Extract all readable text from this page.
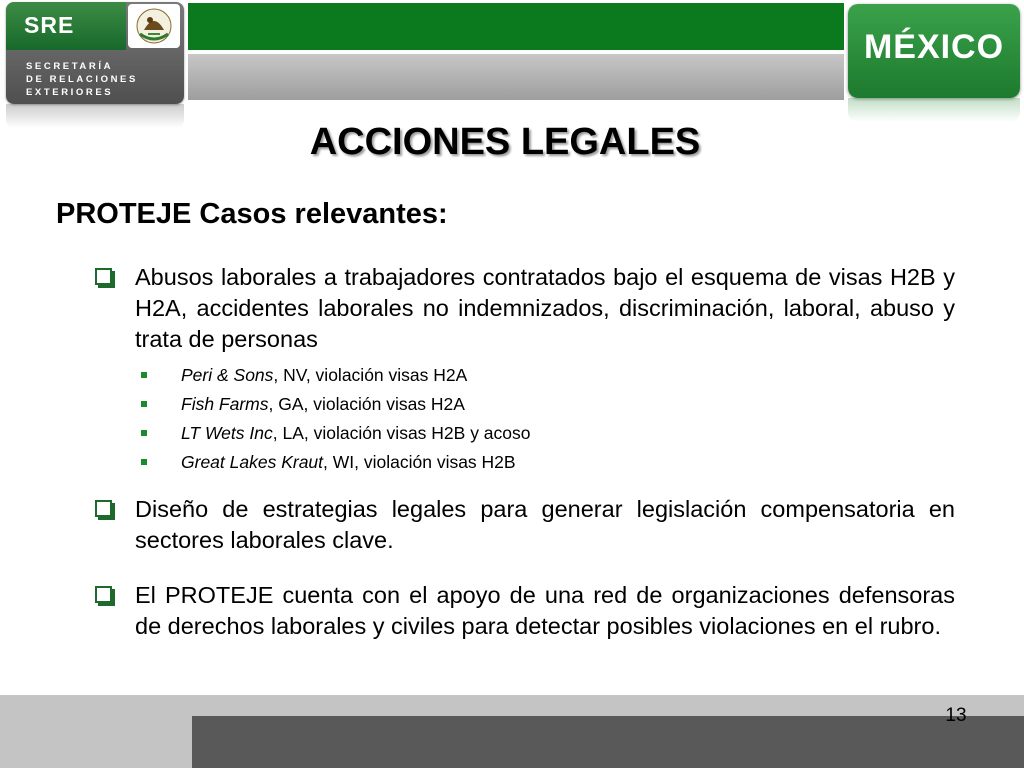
SRE
SECRETARÍA
DE RELACIONES
EXTERIORES
MÉXICO
ACCIONES LEGALES
PROTEJE Casos relevantes:
Abusos laborales a trabajadores contratados bajo el esquema de visas H2B y H2A, accidentes laborales no indemnizados, discriminación, laboral, abuso y trata de personas
Peri & Sons, NV, violación visas H2A
Fish Farms, GA, violación visas H2A
LT Wets Inc, LA, violación visas H2B y acoso
Great Lakes Kraut, WI, violación visas H2B
Diseño de estrategias legales para generar legislación compensatoria en sectores laborales clave.
El PROTEJE cuenta con el apoyo de una red de organizaciones defensoras de derechos laborales y civiles para detectar posibles violaciones en el rubro.
13
